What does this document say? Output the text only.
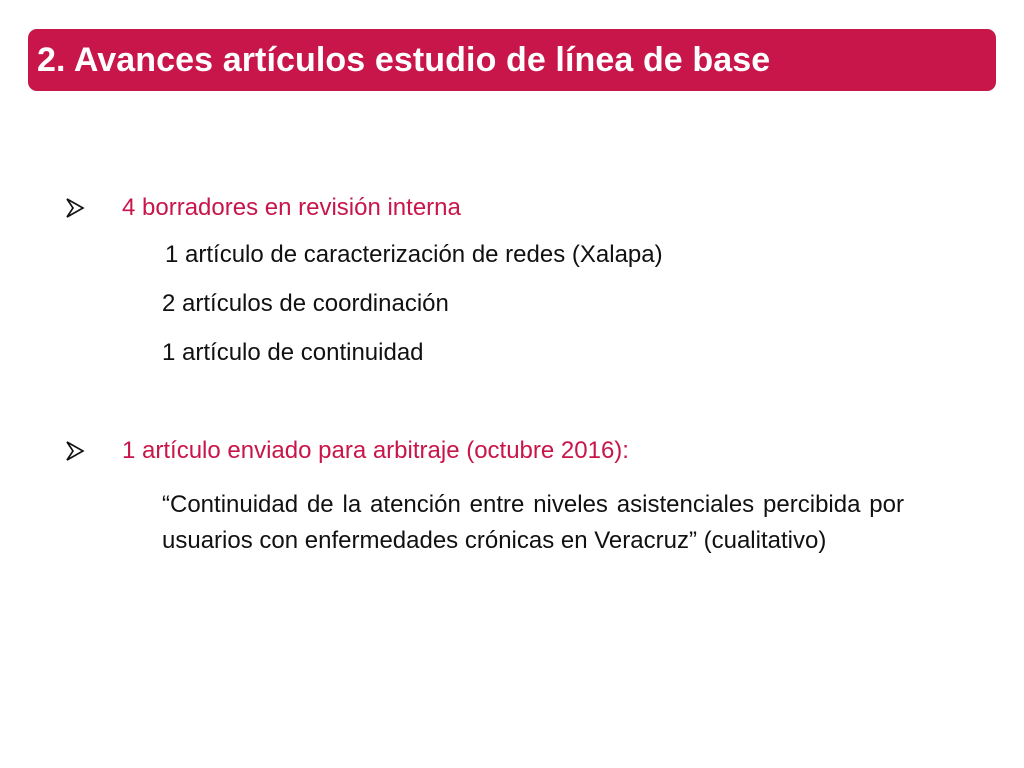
2. Avances artículos estudio de línea de base
4 borradores en revisión interna
1 artículo de caracterización de redes (Xalapa)
2 artículos de coordinación
1 artículo de continuidad
1 artículo enviado para arbitraje (octubre 2016):
“Continuidad de la atención entre niveles asistenciales percibida por usuarios con enfermedades crónicas en Veracruz” (cualitativo)
